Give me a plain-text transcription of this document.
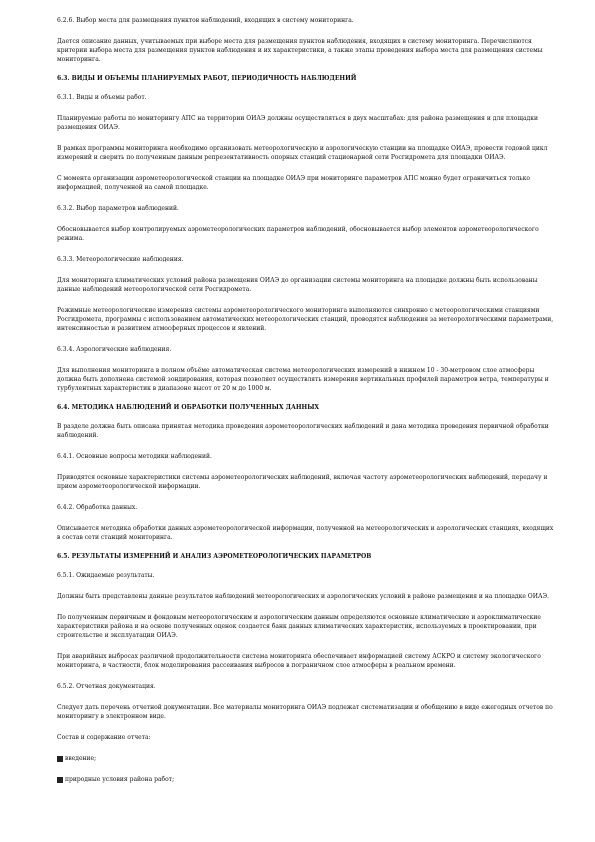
6.2.6. Выбор места для размещения пунктов наблюдений, входящих в систему мониторинга.

Дается описание данных, учитываемых при выборе места для размещения пунктов наблюдения, входящих в систему мониторинга. Перечисляются критерии выбора места для размещения пунктов наблюдения и их характеристики, а также этапы проведения выбора места для размещения системы мониторинга.

6.3. ВИДЫ И ОБЪЕМЫ ПЛАНИРУЕМЫХ РАБОТ, ПЕРИОДИЧНОСТЬ НАБЛЮДЕНИЙ

6.3.1. Виды и объемы работ.

Планируемые работы по мониторингу АПС на территории ОИАЭ должны осуществляться в двух масштабах: для района размещения и для площадки размещения ОИАЭ.

В рамках программы мониторинга необходимо организовать метеорологическую и аэрологическую станции на площадке ОИАЭ, провести годовой цикл измерений и сверить по полученным данным репрезентативность опорных станций стационарной сети Росгидромета для площадки ОИАЭ.

С момента организации аэрометеорологической станции на площадке ОИАЭ при мониторинге параметров АПС можно будет ограничиться только информацией, полученной на самой площадке.

6.3.2. Выбор параметров наблюдений.

Обосновывается выбор контролируемых аэрометеорологических параметров наблюдений, обосновывается выбор элементов аэрометеорологического режима.

6.3.3. Метеорологические наблюдения.

Для мониторинга климатических условий района размещения ОИАЭ до организации системы мониторинга на площадке должны быть использованы данные наблюдений метеорологической сети Росгидромета.

Режимные метеорологические измерения системы аэрометеорологического мониторинга выполняются синхронно с метеорологическими станциями Росгидромета, программы с использованием автоматических метеорологических станций, проводятся наблюдения за метеорологическими параметрами, интенсивностью и развитием атмосферных процессов и явлений.

6.3.4. Аэрологические наблюдения.

Для выполнения мониторинга в полном объёме автоматическая система метеорологических измерений в нижнем 10 - 30-метровом слое атмосферы должна быть дополнена системой зондирования, которая позволяет осуществлять измерения вертикальных профилей параметров ветра, температуры и турбулентных характеристик в диапазоне высот от 20 м до 1000 м.

6.4. МЕТОДИКА НАБЛЮДЕНИЙ И ОБРАБОТКИ ПОЛУЧЕННЫХ ДАННЫХ

В разделе должна быть описана принятая методика проведения аэрометеорологических наблюдений и дана методика проведения первичной обработки наблюдений.

6.4.1. Основные вопросы методики наблюдений.

Приводятся основные характеристики системы аэрометеорологических наблюдений, включая частоту аэрометеорологических наблюдений, передачу и прием аэрометеорологической информации.

6.4.2. Обработка данных.

Описывается методика обработки данных аэрометеорологической информации, полученной на метеорологических и аэрологических станциях, входящих в состав сети станций мониторинга.

6.5. РЕЗУЛЬТАТЫ ИЗМЕРЕНИЙ И АНАЛИЗ АЭРОМЕТЕОРОЛОГИЧЕСКИХ ПАРАМЕТРОВ

6.5.1. Ожидаемые результаты.

Должны быть представлены данные результатов наблюдений метеорологических и аэрологических условий в районе размещения и на площадке ОИАЭ.

По полученным первичным и фондовым метеорологическим и аэрологическим данным определяются основные климатические и аэроклиматические характеристики района и на основе полученных оценок создается банк данных климатических характеристик, используемых в проектировании, при строительстве и эксплуатации ОИАЭ.

При аварийных выбросах различной продолжительности система мониторинга обеспечивает информацией систему АСКРО и систему экологического мониторинга, в частности, блок моделирования рассеивания выбросов в пограничном слое атмосферы в реальном времени.

6.5.2. Отчетная документация.

Следует дать перечень отчетной документации. Все материалы мониторинга ОИАЭ подлежат систематизации и обобщению в виде ежегодных отчетов по мониторингу в электронном виде.

Состав и содержание отчета:

введение;
природные условия района работ;
